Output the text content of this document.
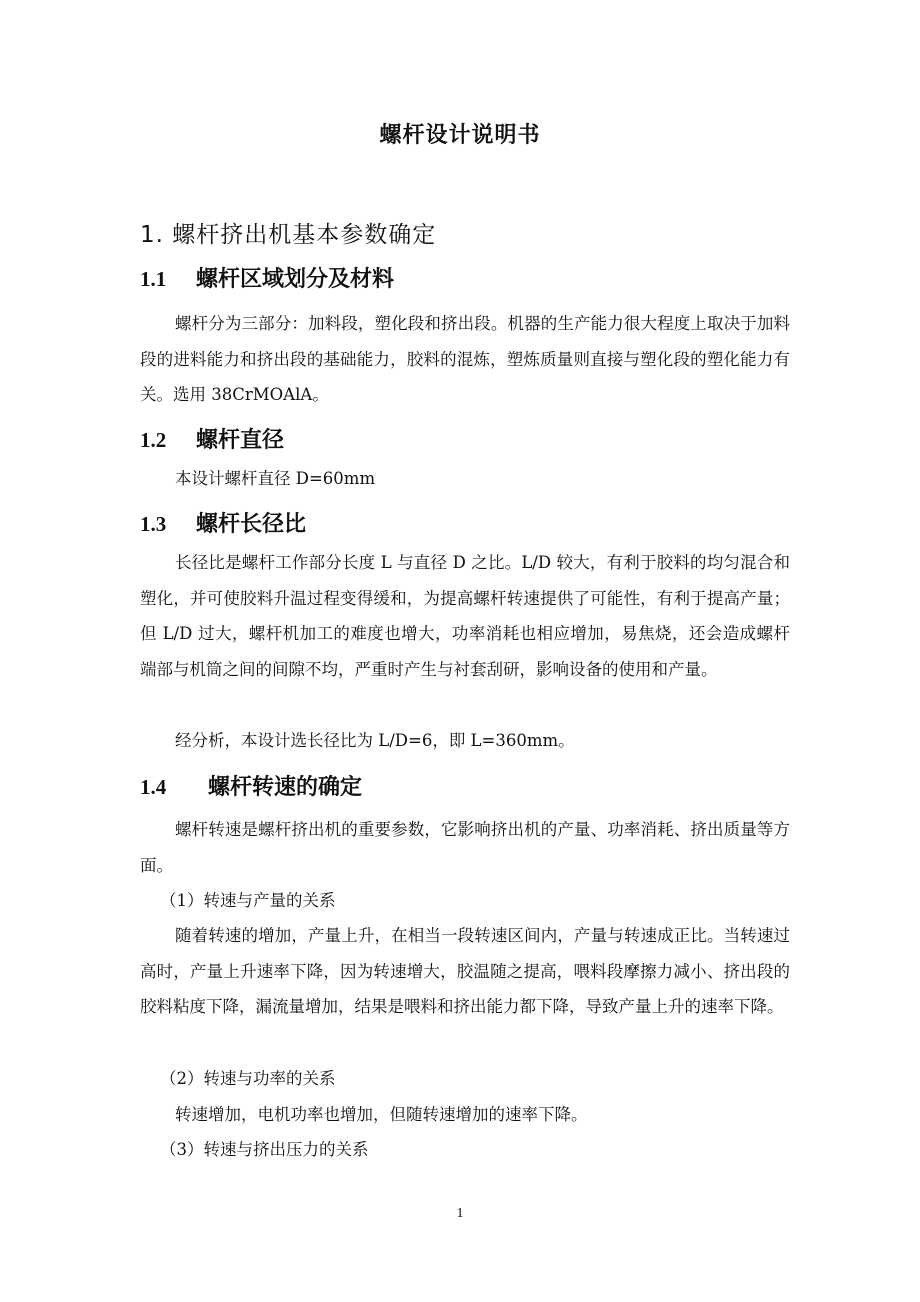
螺杆设计说明书
1. 螺杆挤出机基本参数确定
1.1 螺杆区域划分及材料
螺杆分为三部分：加料段，塑化段和挤出段。机器的生产能力很大程度上取决于加料段的进料能力和挤出段的基础能力，胶料的混炼，塑炼质量则直接与塑化段的塑化能力有关。选用 38CrMOAlA。
1.2 螺杆直径
本设计螺杆直径 D=60mm
1.3 螺杆长径比
长径比是螺杆工作部分长度 L 与直径 D 之比。L/D 较大，有利于胶料的均匀混合和塑化，并可使胶料升温过程变得缓和，为提高螺杆转速提供了可能性，有利于提高产量；但 L/D 过大，螺杆机加工的难度也增大，功率消耗也相应增加，易焦烧，还会造成螺杆端部与机筒之间的间隙不均，严重时产生与衬套刮研，影响设备的使用和产量。
经分析，本设计选长径比为 L/D=6，即 L=360mm。
1.4 螺杆转速的确定
螺杆转速是螺杆挤出机的重要参数，它影响挤出机的产量、功率消耗、挤出质量等方面。
（1）转速与产量的关系
随着转速的增加，产量上升，在相当一段转速区间内，产量与转速成正比。当转速过高时，产量上升速率下降，因为转速增大，胶温随之提高，喂料段摩擦力减小、挤出段的胶料粘度下降，漏流量增加，结果是喂料和挤出能力都下降，导致产量上升的速率下降。
（2）转速与功率的关系
转速增加，电机功率也增加，但随转速增加的速率下降。
（3）转速与挤出压力的关系
1
